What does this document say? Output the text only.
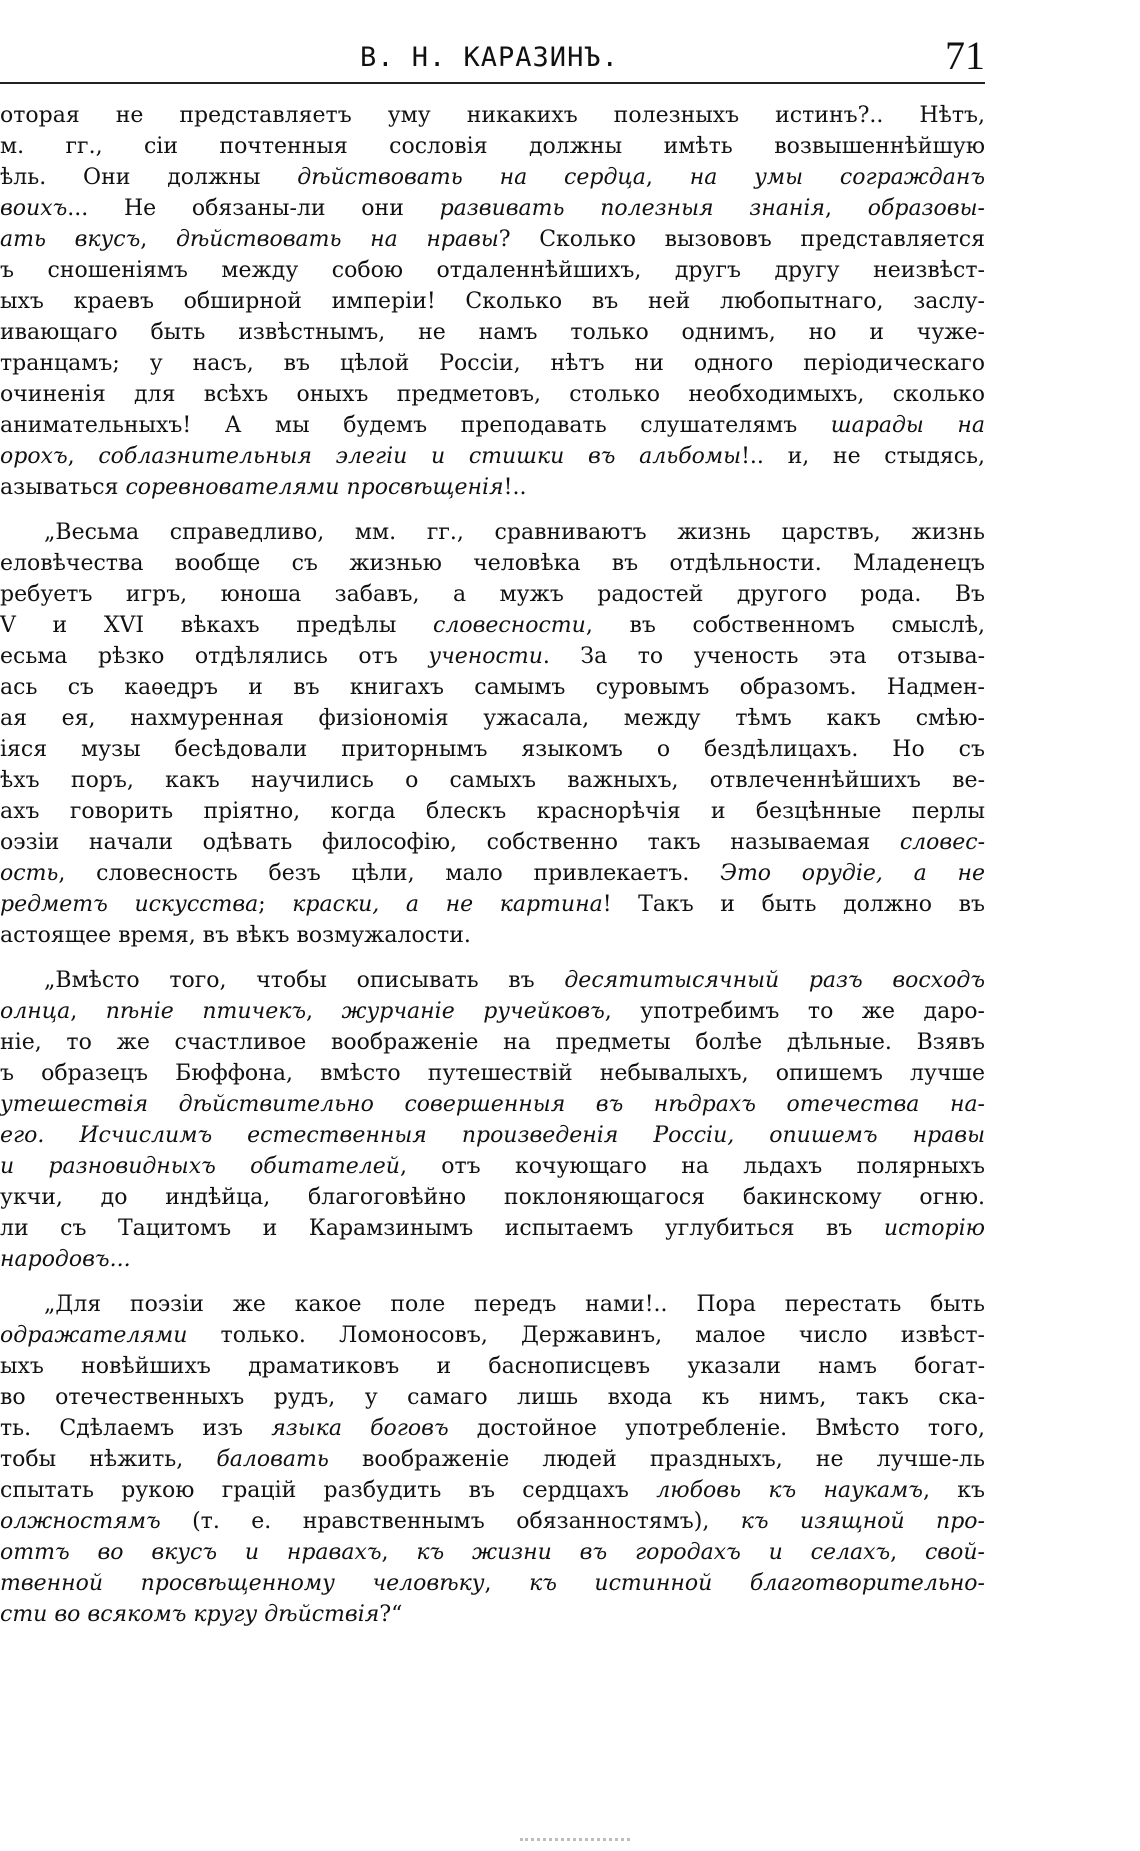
В. Н. КАРАЗИНЪ.	71
оторая не представляетъ уму никакихъ полезныхъ истинъ?.. Нѣтъ,
м. гг., сіи почтенныя сословія должны имѣть возвышеннѣйшую
ѣль. Они должны дѣйствовать на сердца, на умы согражданъ
воихъ... Не обязаны-ли они развивать полезныя знанія, образовы-
ать вкусъ, дѣйствовать на нравы? Сколько вызововъ представляется
ъ сношеніямъ между собою отдаленнѣйшихъ, другъ другу неизвѣст-
ыхъ краевъ обширной имперіи! Сколько въ ней любопытнаго, заслу-
ивающаго быть извѣстнымъ, не намъ только однимъ, но и чуже-
транцамъ; у насъ, въ цѣлой Россіи, нѣтъ ни одного періодическаго
очиненія для всѣхъ оныхъ предметовъ, столько необходимыхъ, сколько
анимательныхъ! А мы будемъ преподавать слушателямъ шарады на
орохъ, соблазнительныя элегіи и стишки въ альбомы!.. и, не стыдясь,
азываться соревнователями просвѣщенія!..
„Весьма справедливо, мм. гг., сравниваютъ жизнь царствъ, жизнь
еловѣчества вообще съ жизнью человѣка въ отдѣльности. Младенецъ
ребуетъ игръ, юноша забавъ, а мужъ радостей другого рода. Въ
V и XVI вѣкахъ предѣлы словесности, въ собственномъ смыслѣ,
есьма рѣзко отдѣлялись отъ учености. За то ученость эта отзыва-
ась съ каѳедръ и въ книгахъ самымъ суровымъ образомъ. Надмен-
ая ея, нахмуренная физіономія ужасала, между тѣмъ какъ смѣю-
іяся музы бесѣдовали приторнымъ языкомъ о бездѣлицахъ. Но съ
ѣхъ поръ, какъ научились о самыхъ важныхъ, отвлеченнѣйшихъ ве-
ахъ говорить пріятно, когда блескъ краснорѣчія и безцѣнные перлы
оэзіи начали одѣвать философію, собственно такъ называемая словес-
ость, словесность безъ цѣли, мало привлекаетъ. Это орудіе, а не
редметъ искусства; краски, а не картина! Такъ и быть должно въ
астоящее время, въ вѣкъ возмужалости.
„Вмѣсто того, чтобы описывать въ десятитысячный разъ восходъ
олнца, пѣніе птичекъ, журчаніе ручейковъ, употребимъ то же даро-
ніе, то же счастливое воображеніе на предметы болѣе дѣльные. Взявъ
ъ образецъ Бюффона, вмѣсто путешествій небывалыхъ, опишемъ лучше
утешествія дѣйствительно совершенныя въ нѣдрахъ отечества на-
его. Исчислимъ естественныя произведенія Россіи, опишемъ нравы
и разновидныхъ обитателей, отъ кочующаго на льдахъ полярныхъ
укчи, до индѣйца, благоговѣйно поклоняющагося бакинскому огню.
ли съ Тацитомъ и Карамзинымъ испытаемъ углубиться въ исторію
народовъ...
„Для поэзіи же какое поле передъ нами!.. Пора перестать быть
одражателями только. Ломоносовъ, Державинъ, малое число извѣст-
ыхъ новѣйшихъ драматиковъ и баснописцевъ указали намъ богат-
во отечественныхъ рудъ, у самаго лишь входа къ нимъ, такъ ска-
ть. Сдѣлаемъ изъ языка боговъ достойное употребленіе. Вмѣсто того,
тобы нѣжить, баловать воображеніе людей праздныхъ, не лучше-ль
спытать рукою грацій разбудить въ сердцахъ любовь къ наукамъ, къ
олжностямъ (т. е. нравственнымъ обязанностямъ), къ изящной про-
оттъ во вкусъ и нравахъ, къ жизни въ городахъ и селахъ, свой-
твенной просвѣщенному человѣку, къ истинной благотворительно-
сти во всякомъ кругу дѣйствія?“
